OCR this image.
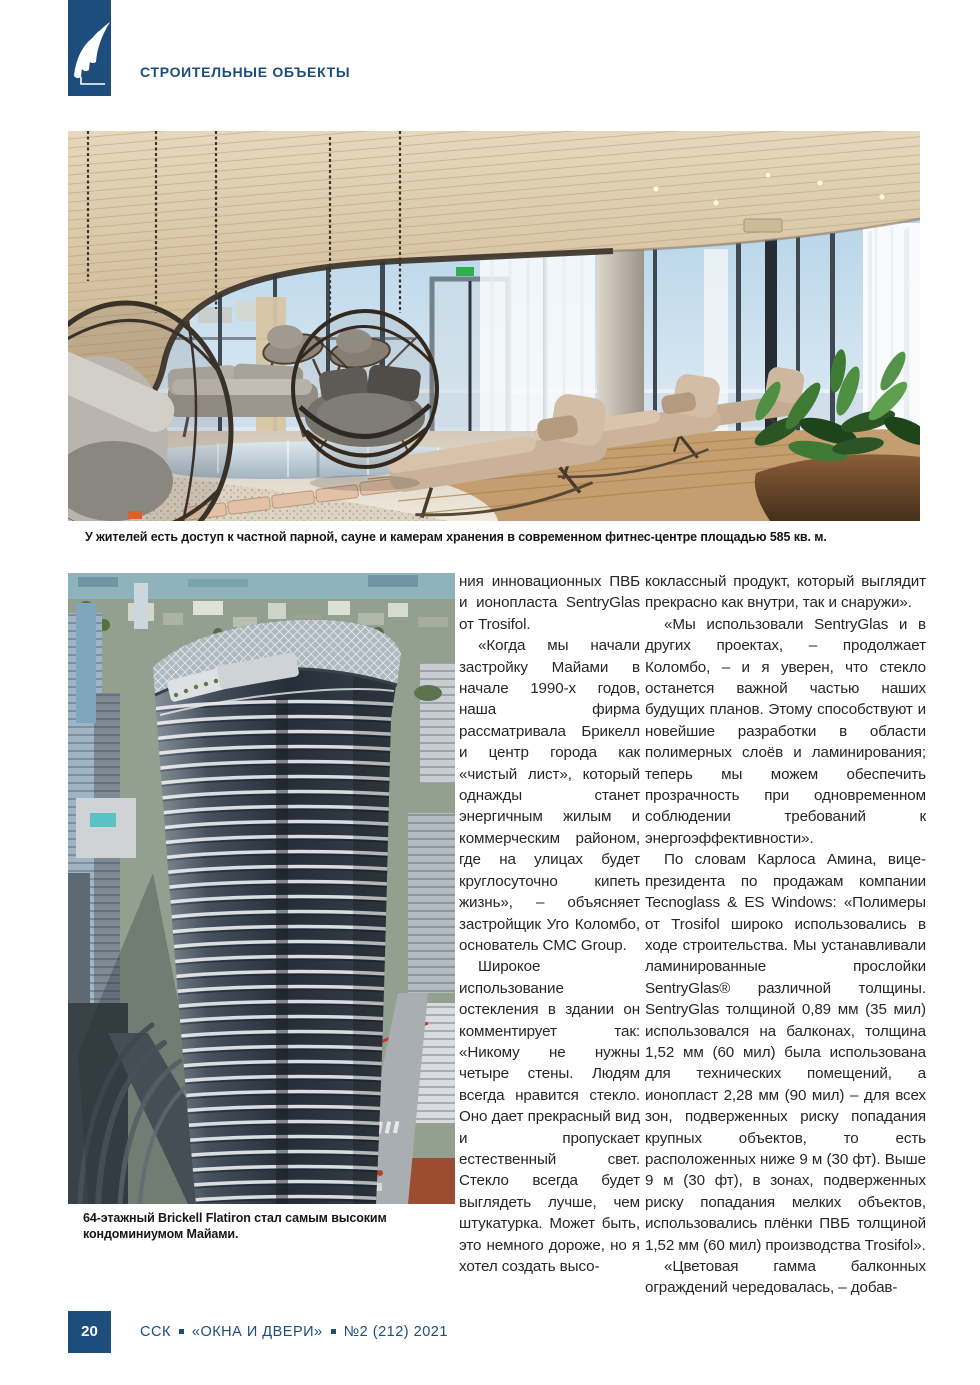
СТРОИТЕЛЬНЫЕ ОБЪЕКТЫ
У жителей есть доступ к частной парной, сауне и камерам хранения в современном фитнес-центре площадью 585 кв. м.
64-этажный Brickell Flatiron стал самым высоким кондоминиумом Майами.

ния инновационных ПВБ и ионопласта SentryGlas от Trosifol.

«Когда мы начали застройку Майами в начале 1990-х годов, наша фирма рассматривала Брикелл и центр города как «чистый лист», который однажды станет энергичным жилым и коммерческим районом, где на улицах будет круглосуточно кипеть жизнь», – объясняет застройщик Уго Коломбо, основатель CMC Group.

Широкое использование остекления в здании он комментирует так: «Никому не нужны четыре стены. Людям всегда нравится стекло. Оно дает прекрасный вид и пропускает естественный свет. Стекло всегда будет выглядеть лучше, чем штукатурка. Может быть, это немного дороже, но я хотел создать высо-

коклассный продукт, который выглядит прекрасно как внутри, так и снаружи».

«Мы использовали SentryGlas и в других проектах, – продолжает Коломбо, – и я уверен, что стекло останется важной частью наших будущих планов. Этому способствуют и новейшие разработки в области полимерных слоёв и ламинирования; теперь мы можем обеспечить прозрачность при одновременном соблюдении требований к энергоэффективности».

По словам Карлоса Амина, вице-президента по продажам компании Tecnoglass & ES Windows: «Полимеры от Trosifol широко использовались в ходе строительства. Мы устанавливали ламинированные прослойки SentryGlas® различной толщины. SentryGlas толщиной 0,89 мм (35 мил) использовался на балконах, толщина 1,52 мм (60 мил) была использована для технических помещений, а ионопласт 2,28 мм (90 мил) – для всех зон, подверженных риску попадания крупных объектов, то есть расположенных ниже 9 м (30 фт). Выше 9 м (30 фт), в зонах, подверженных риску попадания мелких объектов, использовались плёнки ПВБ толщиной 1,52 мм (60 мил) производства Trosifol».

«Цветовая гамма балконных ограждений чередовалась, – добав-

20	ССК «ОКНА И ДВЕРИ» №2 (212) 2021
